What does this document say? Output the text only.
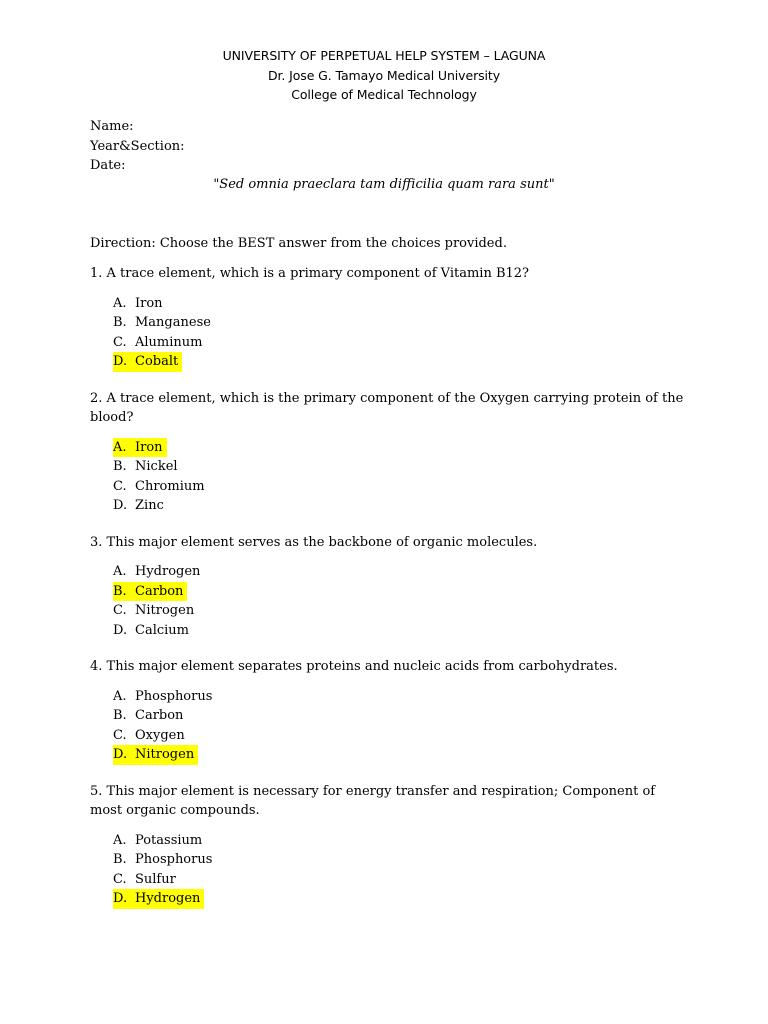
UNIVERSITY OF PERPETUAL HELP SYSTEM – LAGUNA
Dr. Jose G. Tamayo Medical University
College of Medical Technology
Name:
Year&Section:
Date:
"Sed omnia praeclara tam difficilia quam rara sunt"
Direction: Choose the BEST answer from the choices provided.
1. A trace element, which is a primary component of Vitamin B12?
A. Iron
B. Manganese
C. Aluminum
D. Cobalt
2. A trace element, which is the primary component of the Oxygen carrying protein of the blood?
A. Iron
B. Nickel
C. Chromium
D. Zinc
3. This major element serves as the backbone of organic molecules.
A. Hydrogen
B. Carbon
C. Nitrogen
D. Calcium
4. This major element separates proteins and nucleic acids from carbohydrates.
A. Phosphorus
B. Carbon
C. Oxygen
D. Nitrogen
5. This major element is necessary for energy transfer and respiration; Component of most organic compounds.
A. Potassium
B. Phosphorus
C. Sulfur
D. Hydrogen
